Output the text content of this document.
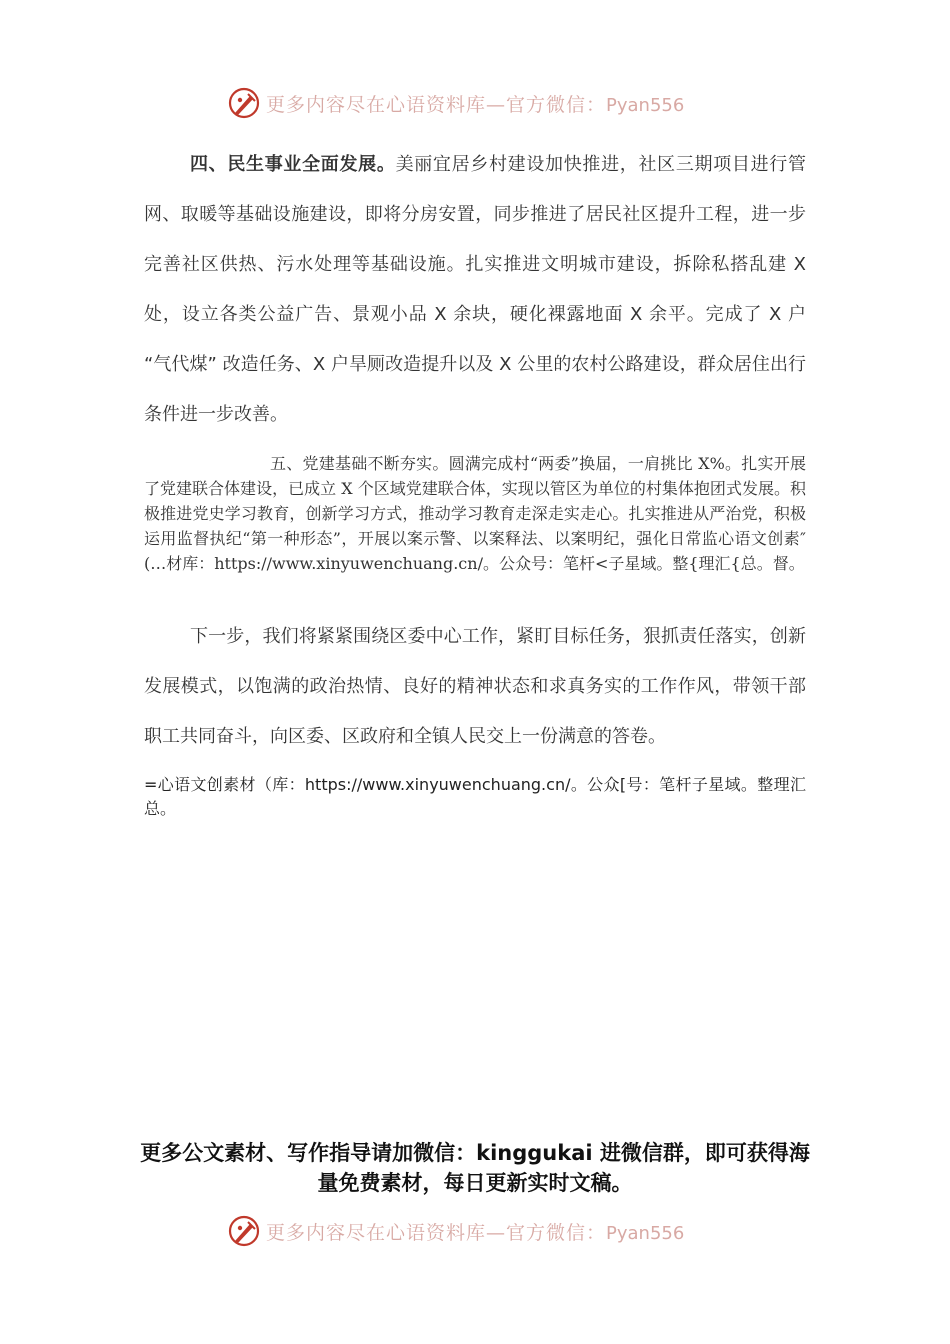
更多内容尽在心语资料库—官方微信：Pyan556

四、民生事业全面发展。美丽宜居乡村建设加快推进，社区三期项目进行管网、取暖等基础设施建设，即将分房安置，同步推进了居民社区提升工程，进一步完善社区供热、污水处理等基础设施。扎实推进文明城市建设，拆除私搭乱建 X 处，设立各类公益广告、景观小品 X 余块，硬化裸露地面 X 余平。完成了 X 户 “气代煤” 改造任务、X 户旱厕改造提升以及 X 公里的农村公路建设，群众居住出行条件进一步改善。

五、党建基础不断夯实。圆满完成村“两委”换届，一肩挑比 X%。扎实开展了党建联合体建设，已成立 X 个区域党建联合体，实现以管区为单位的村集体抱团式发展。积极推进党史学习教育，创新学习方式，推动学习教育走深走实走心。扎实推进从严治党，积极运用监督执纪“第一种形态”，开展以案示警、以案释法、以案明纪，强化日常监心语文创素″(…材库：https://www.xinyuwenchuang.cn/。公众号：笔杆<子星域。整{理汇{总。督。

下一步，我们将紧紧围绕区委中心工作，紧盯目标任务，狠抓责任落实，创新发展模式，以饱满的政治热情、良好的精神状态和求真务实的工作作风，带领干部职工共同奋斗，向区委、区政府和全镇人民交上一份满意的答卷。

=心语文创素材（库：https://www.xinyuwenchuang.cn/。公众[号：笔杆子星域。整理汇总。

更多公文素材、写作指导请加微信：kinggukai 进微信群，即可获得海量免费素材，每日更新实时文稿。

更多内容尽在心语资料库—官方微信：Pyan556
